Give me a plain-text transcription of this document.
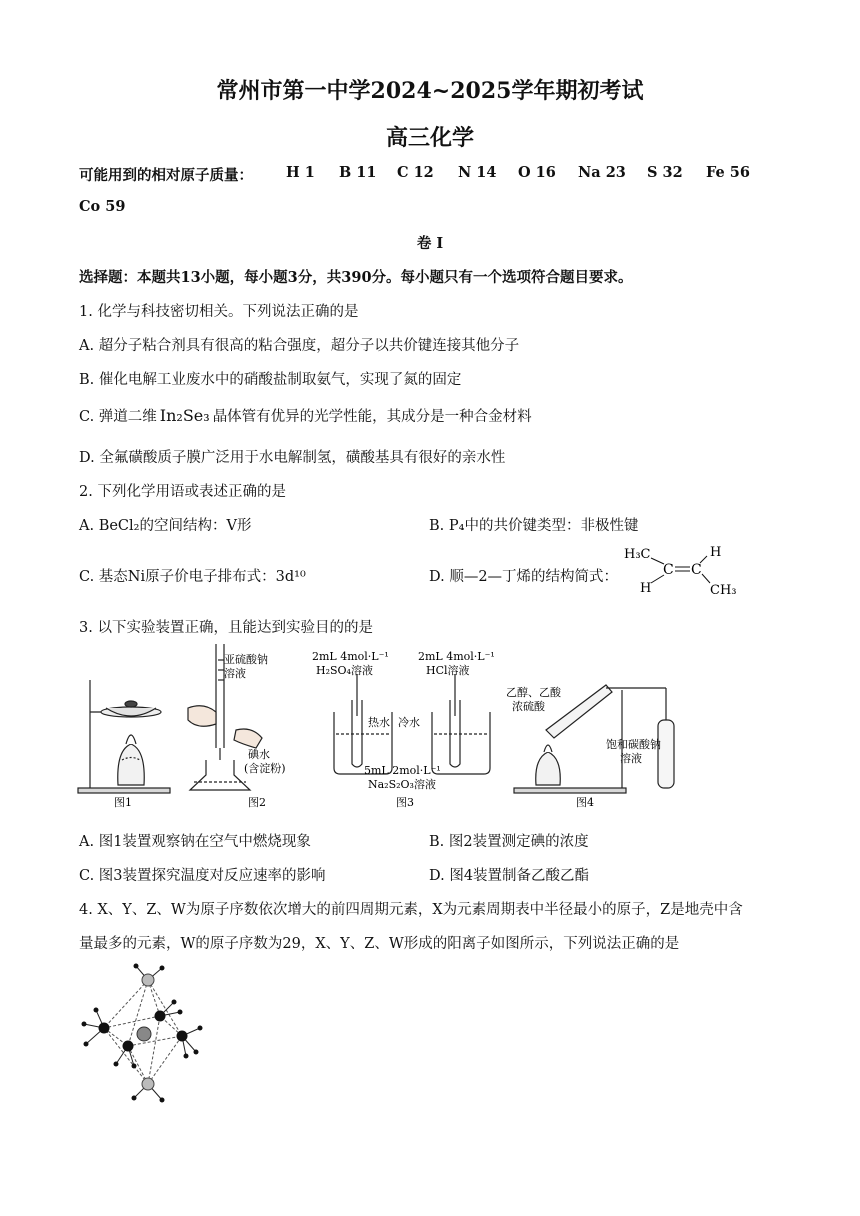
常州市第一中学2024~2025学年期初考试
高三化学
可能用到的相对原子质量：	H 1 B 11 C 12 N 14 O 16 Na 23 S 32 Fe 56
Co 59
卷 I
选择题：本题共13小题，每小题3分，共390分。每小题只有一个选项符合题目要求。
1. 化学与科技密切相关。下列说法正确的是
A. 超分子粘合剂具有很高的粘合强度，超分子以共价键连接其他分子
B. 催化电解工业废水中的硝酸盐制取氨气，实现了氮的固定
C. 弹道二维 In₂Se₃ 晶体管有优异的光学性能，其成分是一种合金材料
D. 全氟磺酸质子膜广泛用于水电解制氢，磺酸基具有很好的亲水性
2. 下列化学用语或表述正确的是
A. BeCl₂的空间结构：V形	B. P₄中的共价键类型：非极性键
C. 基态Ni原子价电子排布式：3d¹⁰	D. 顺—2—丁烯的结构简式：
H₃C	H
C C
H	CH₃
3. 以下实验装置正确，且能达到实验目的的是
亚硫酸钠
溶液
碘水
(含淀粉)
2mL 4mol·L⁻¹
H₂SO₄溶液
2mL 4mol·L⁻¹
HCl溶液
热水 冷水
5mL 2mol·L⁻¹
Na₂S₂O₃溶液
乙醇、乙酸
浓硫酸
饱和碳酸钠
溶液
图1	图2	图3	图4
A. 图1装置观察钠在空气中燃烧现象	B. 图2装置测定碘的浓度
C. 图3装置探究温度对反应速率的影响	D. 图4装置制备乙酸乙酯
4. X、Y、Z、W为原子序数依次增大的前四周期元素，X为元素周期表中半径最小的原子，Z是地壳中含
量最多的元素，W的原子序数为29，X、Y、Z、W形成的阳离子如图所示，下列说法正确的是
